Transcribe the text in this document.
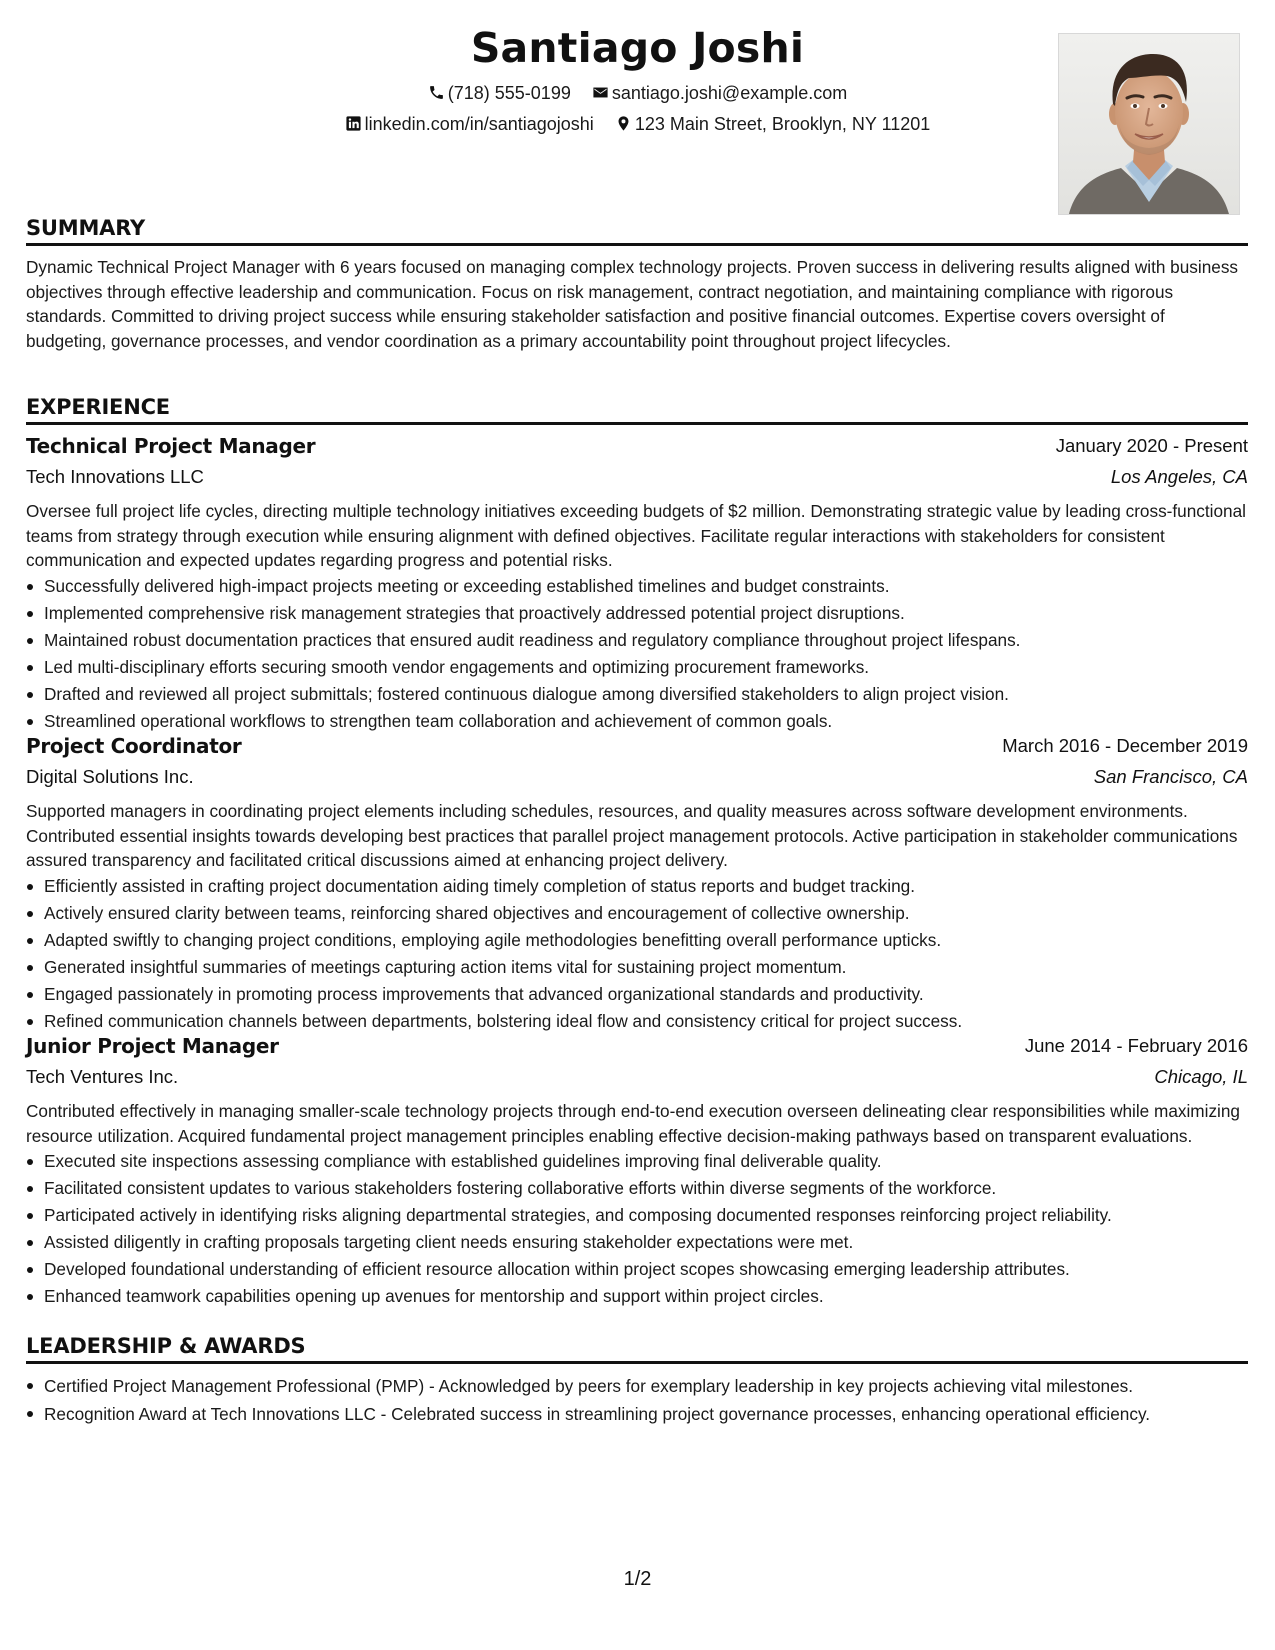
Santiago Joshi
(718) 555-0199 santiago.joshi@example.com
linkedin.com/in/santiagojoshi 123 Main Street, Brooklyn, NY 11201
SUMMARY

Dynamic Technical Project Manager with 6 years focused on managing complex technology projects. Proven success in delivering results aligned with business objectives through effective leadership and communication. Focus on risk management, contract negotiation, and maintaining compliance with rigorous standards. Committed to driving project success while ensuring stakeholder satisfaction and positive financial outcomes. Expertise covers oversight of budgeting, governance processes, and vendor coordination as a primary accountability point throughout project lifecycles.

EXPERIENCE
Technical Project Manager	January 2020 - Present
Tech Innovations LLC	Los Angeles, CA

Oversee full project life cycles, directing multiple technology initiatives exceeding budgets of $2 million. Demonstrating strategic value by leading cross-functional teams from strategy through execution while ensuring alignment with defined objectives. Facilitate regular interactions with stakeholders for consistent communication and expected updates regarding progress and potential risks.

Successfully delivered high-impact projects meeting or exceeding established timelines and budget constraints.
Implemented comprehensive risk management strategies that proactively addressed potential project disruptions.
Maintained robust documentation practices that ensured audit readiness and regulatory compliance throughout project lifespans.
Led multi-disciplinary efforts securing smooth vendor engagements and optimizing procurement frameworks.
Drafted and reviewed all project submittals; fostered continuous dialogue among diversified stakeholders to align project vision.
Streamlined operational workflows to strengthen team collaboration and achievement of common goals.
Project Coordinator	March 2016 - December 2019
Digital Solutions Inc.	San Francisco, CA

Supported managers in coordinating project elements including schedules, resources, and quality measures across software development environments. Contributed essential insights towards developing best practices that parallel project management protocols. Active participation in stakeholder communications assured transparency and facilitated critical discussions aimed at enhancing project delivery.

Efficiently assisted in crafting project documentation aiding timely completion of status reports and budget tracking.
Actively ensured clarity between teams, reinforcing shared objectives and encouragement of collective ownership.
Adapted swiftly to changing project conditions, employing agile methodologies benefitting overall performance upticks.
Generated insightful summaries of meetings capturing action items vital for sustaining project momentum.
Engaged passionately in promoting process improvements that advanced organizational standards and productivity.
Refined communication channels between departments, bolstering ideal flow and consistency critical for project success.
Junior Project Manager	June 2014 - February 2016
Tech Ventures Inc.	Chicago, IL

Contributed effectively in managing smaller-scale technology projects through end-to-end execution overseen delineating clear responsibilities while maximizing resource utilization. Acquired fundamental project management principles enabling effective decision-making pathways based on transparent evaluations.

Executed site inspections assessing compliance with established guidelines improving final deliverable quality.
Facilitated consistent updates to various stakeholders fostering collaborative efforts within diverse segments of the workforce.
Participated actively in identifying risks aligning departmental strategies, and composing documented responses reinforcing project reliability.
Assisted diligently in crafting proposals targeting client needs ensuring stakeholder expectations were met.
Developed foundational understanding of efficient resource allocation within project scopes showcasing emerging leadership attributes.
Enhanced teamwork capabilities opening up avenues for mentorship and support within project circles.
LEADERSHIP & AWARDS
Certified Project Management Professional (PMP) - Acknowledged by peers for exemplary leadership in key projects achieving vital milestones.
Recognition Award at Tech Innovations LLC - Celebrated success in streamlining project governance processes, enhancing operational efficiency.
1/2
